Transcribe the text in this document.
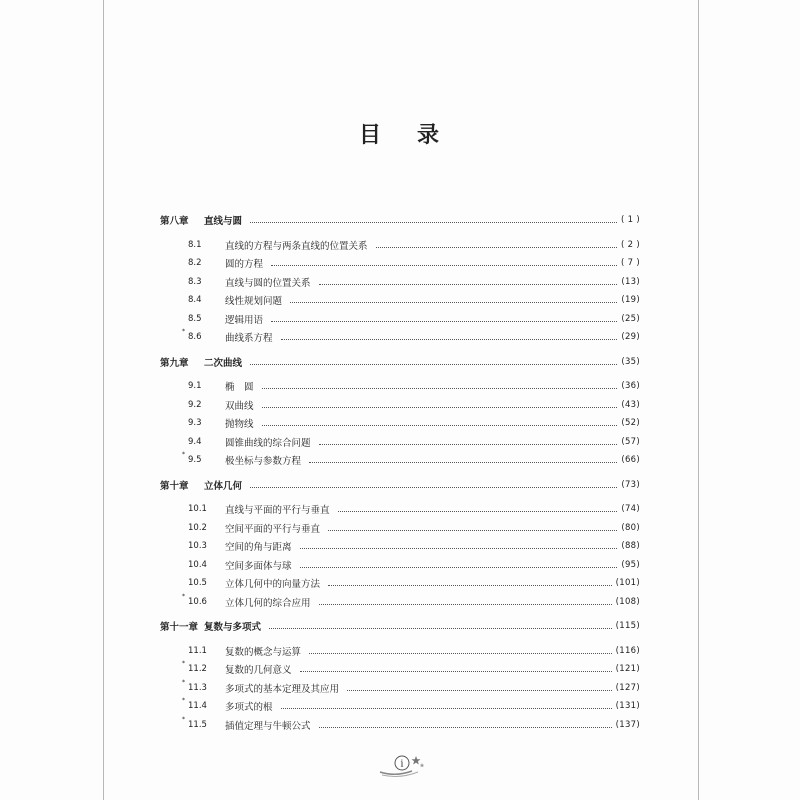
目 录
第八章	直线与圆	( 1 )
8.1	直线的方程与两条直线的位置关系	( 2 )
8.2	圆的方程	( 7 )
8.3	直线与圆的位置关系	(13)
8.4	线性规划问题	(19)
8.5	逻辑用语	(25)
*
8.6	曲线系方程	(29)
第九章	二次曲线	(35)
9.1	椭　圆	(36)
9.2	双曲线	(43)
9.3	抛物线	(52)
9.4	圆锥曲线的综合问题	(57)
*
9.5	极坐标与参数方程	(66)
第十章	立体几何	(73)
10.1	直线与平面的平行与垂直	(74)
10.2	空间平面的平行与垂直	(80)
10.3	空间的角与距离	(88)
10.4	空间多面体与球	(95)
10.5	立体几何中的向量方法	(101)
*
10.6	立体几何的综合应用	(108)
第十一章 复数与多项式	(115)
11.1	复数的概念与运算	(116)
*
11.2	复数的几何意义	(121)
*
11.3	多项式的基本定理及其应用	(127)
*
11.4	多项式的根	(131)
*
11.5	插值定理与牛顿公式	(137)
i
